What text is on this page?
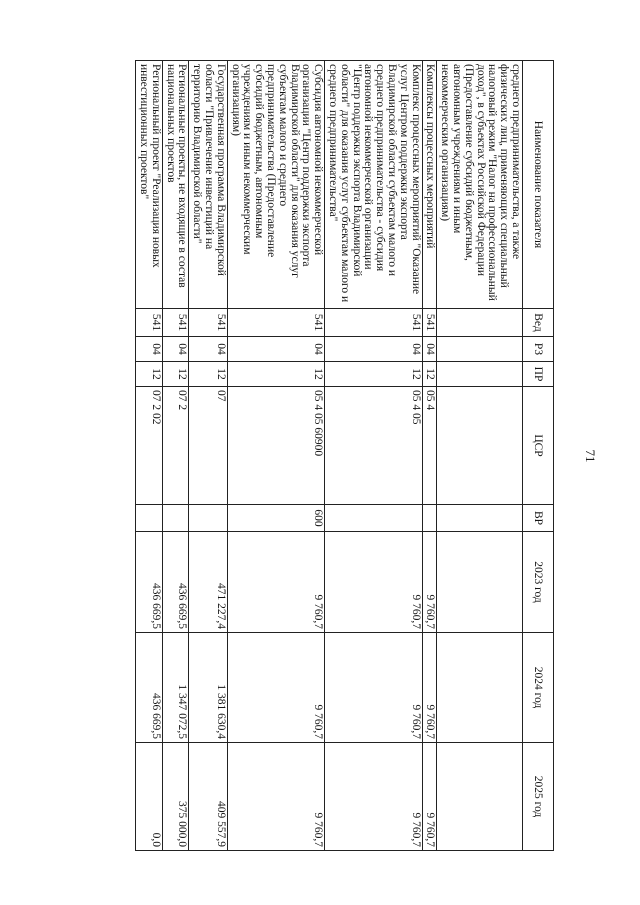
71
Наименование показателя	Вед	РЗ	ПР	ЦСР	ВР	2023 год	2024 год	2025 год
среднего предпринимательства, а также физических лиц, применяющих специальный налоговый режим "Налог на профессиональный доход", в субъектах Российской Федерации (Предоставление субсидий бюджетным, автономным учреждениям и иным некоммерческим организациям)								
Комплексы процессных мероприятий	541	04	12	05 4		9 760,7	9 760,7	9 760,7
Комплекс процессных мероприятий "Оказание услуг Центром поддержки экспорта Владимирской области субъектам малого и среднего предпринимательства - субсидия автономной некоммерческой организации "Центр поддержки экспорта Владимирской области" для оказания услуг субъектам малого и среднего предпринимательства"	541	04	12	05 4 05		9 760,7	9 760,7	9 760,7
Субсидия автономной некоммерческой организации "Центр поддержки экспорта Владимирской области" для оказания услуг субъектам малого и среднего предпринимательства (Предоставление субсидий бюджетным, автономным учреждениям и иным некоммерческим организациям)	541	04	12	05 4 05 60900	600	9 760,7	9 760,7	9 760,7
Государственная программа Владимирской области "Привлечение инвестиций на территорию Владимирской области"	541	04	12	07		471 227,4	1 381 630,4	409 557,9
Региональные проекты, не входящие в состав национальных проектов	541	04	12	07 2		436 669,5	1 347 072,5	375 000,0
Региональный проект "Реализация новых инвестиционных проектов"	541	04	12	07 2 02		436 669,5	436 669,5	0,0
